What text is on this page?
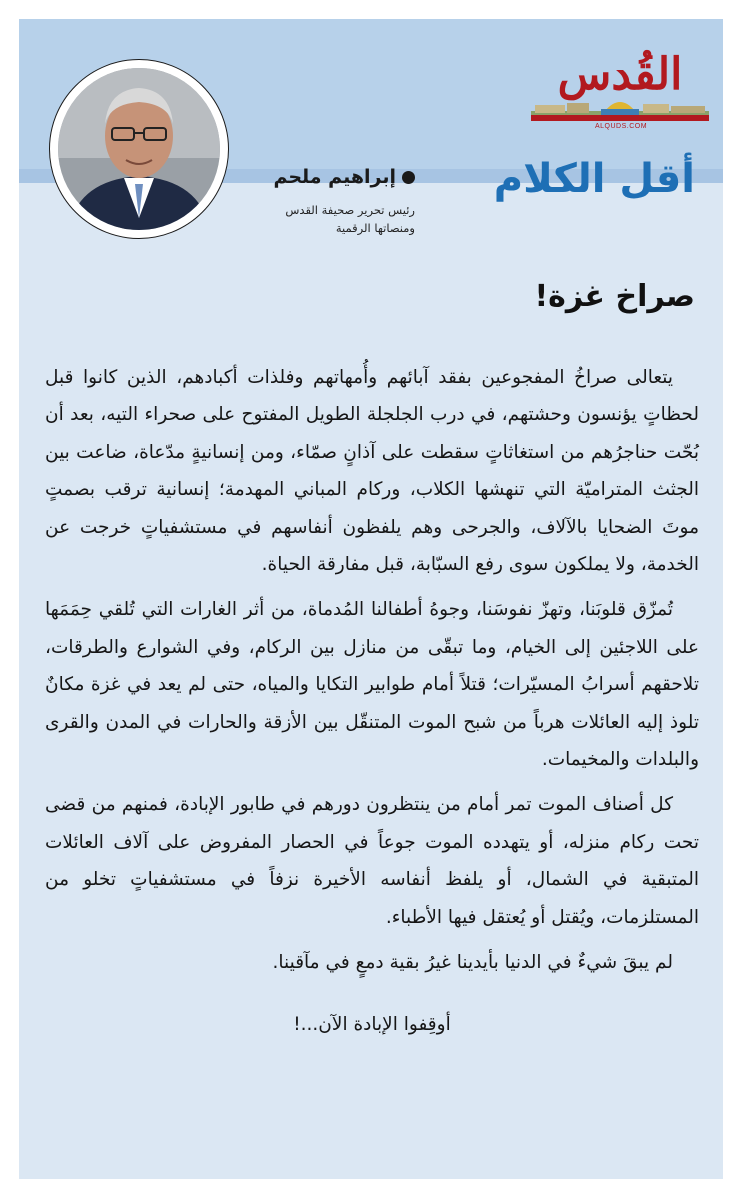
القُدس
ALQUDS.COM
أقل الكلام
إبراهيم ملحم
رئيس تحرير صحيفة القدس
ومنصاتها الرقمية
صراخ غزة!

يتعالى صراخُ المفجوعين بفقد آبائهم وأُمهاتهم وفلذات أكبادهم، الذين كانوا قبل لحظاتٍ يؤنسون وحشتهم، في درب الجلجلة الطويل المفتوح على صحراء التيه، بعد أن بُحّت حناجرُهم من استغاثاتٍ سقطت على آذانٍ صمّاء، ومن إنسانيةٍ مدّعاة، ضاعت بين الجثث المتراميّة التي تنهشها الكلاب، وركام المباني المهدمة؛ إنسانية ترقب بصمتٍ موتَ الضحايا بالآلاف، والجرحى وهم يلفظون أنفاسهم في مستشفياتٍ خرجت عن الخدمة، ولا يملكون سوى رفع السبّابة، قبل مفارقة الحياة.

تُمزّق قلوبَنا، وتهزّ نفوسَنا، وجوهُ أطفالنا المُدماة، من أثر الغارات التي تُلقي حِمَمَها على اللاجئين إلى الخيام، وما تبقّى من منازل بين الركام، وفي الشوارع والطرقات، تلاحقهم أسرابُ المسيّرات؛ قتلاً أمام طوابير التكايا والمياه، حتى لم يعد في غزة مكانٌ تلوذ إليه العائلات هرباً من شبح الموت المتنقّل بين الأزقة والحارات في المدن والقرى والبلدات والمخيمات.

كل أصناف الموت تمر أمام من ينتظرون دورهم في طابور الإبادة، فمنهم من قضى تحت ركام منزله، أو يتهدده الموت جوعاً في الحصار المفروض على آلاف العائلات المتبقية في الشمال، أو يلفظ أنفاسه الأخيرة نزفاً في مستشفياتٍ تخلو من المستلزمات، ويُقتل أو يُعتقل فيها الأطباء.

لم يبقَ شيءٌ في الدنيا بأيدينا غيرُ بقية دمعٍ في مآقينا.

أوقِفوا الإبادة الآن...!
